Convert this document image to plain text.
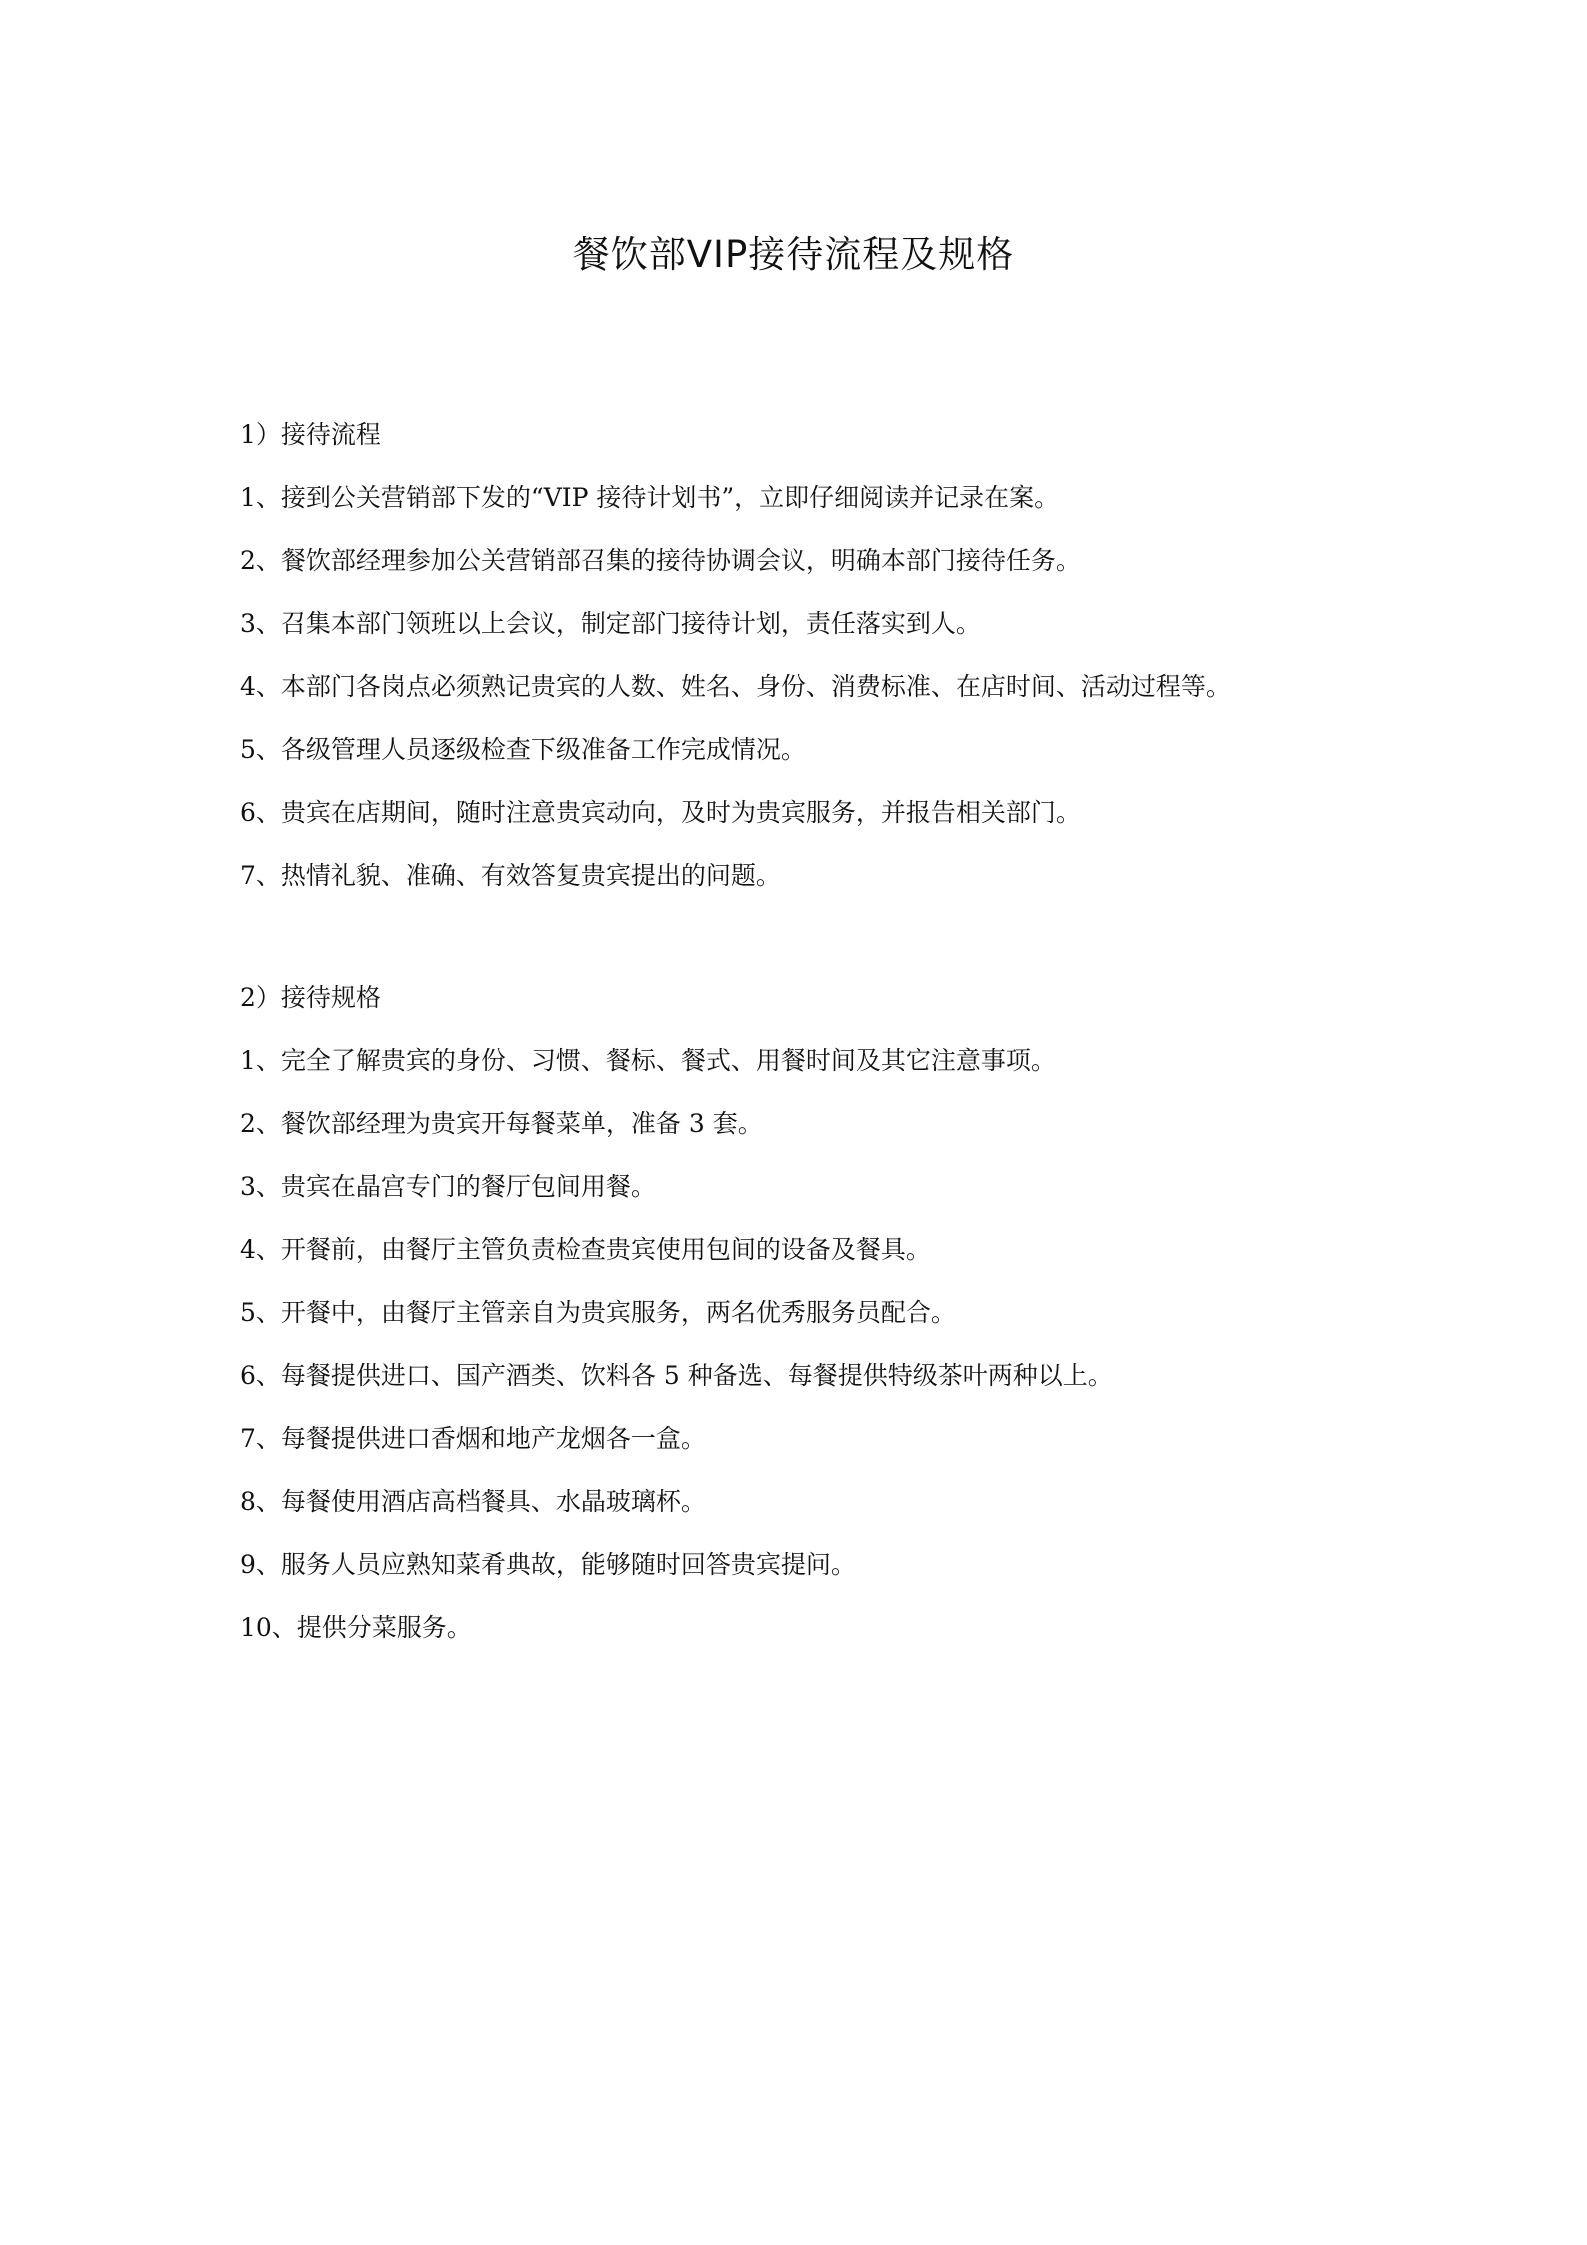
餐饮部VIP接待流程及规格

1）接待流程

1、接到公关营销部下发的“VIP 接待计划书”，立即仔细阅读并记录在案。

2、餐饮部经理参加公关营销部召集的接待协调会议，明确本部门接待任务。

3、召集本部门领班以上会议，制定部门接待计划，责任落实到人。

4、本部门各岗点必须熟记贵宾的人数、姓名、身份、消费标准、在店时间、活动过程等。

5、各级管理人员逐级检查下级准备工作完成情况。

6、贵宾在店期间，随时注意贵宾动向，及时为贵宾服务，并报告相关部门。

7、热情礼貌、准确、有效答复贵宾提出的问题。

2）接待规格

1、完全了解贵宾的身份、习惯、餐标、餐式、用餐时间及其它注意事项。

2、餐饮部经理为贵宾开每餐菜单，准备 3 套。

3、贵宾在晶宫专门的餐厅包间用餐。

4、开餐前，由餐厅主管负责检查贵宾使用包间的设备及餐具。

5、开餐中，由餐厅主管亲自为贵宾服务，两名优秀服务员配合。

6、每餐提供进口、国产酒类、饮料各 5 种备选、每餐提供特级茶叶两种以上。

7、每餐提供进口香烟和地产龙烟各一盒。

8、每餐使用酒店高档餐具、水晶玻璃杯。

9、服务人员应熟知菜肴典故，能够随时回答贵宾提问。

10、提供分菜服务。
